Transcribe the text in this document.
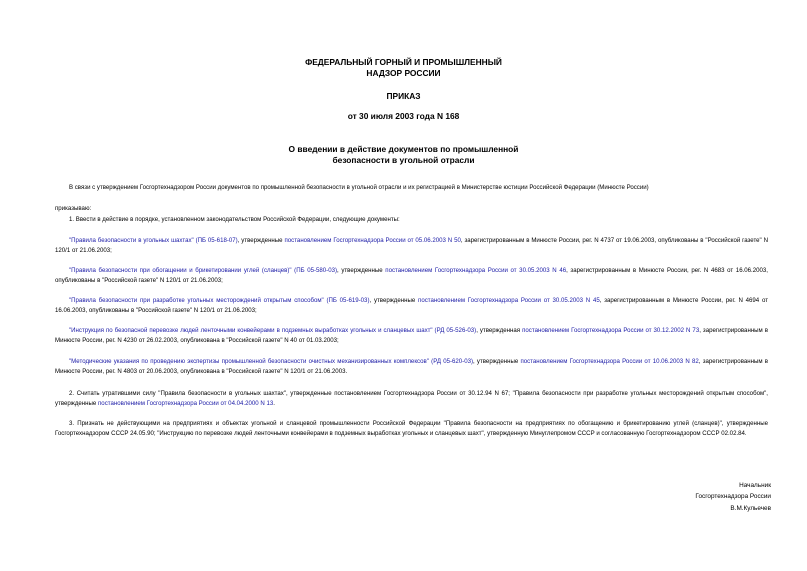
ФЕДЕРАЛЬНЫЙ ГОРНЫЙ И ПРОМЫШЛЕННЫЙ
НАДЗОР РОССИИ
ПРИКАЗ
от 30 июля 2003 года N 168
О введении в действие документов по промышленной
безопасности в угольной отрасли
В связи с утверждением Госгортехнадзором России документов по промышленной безопасности в угольной отрасли и их регистрацией в Министерстве юстиции Российской Федерации (Минюсте России)
приказываю:
1. Ввести в действие в порядке, установленном законодательством Российской Федерации, следующие документы:
"Правила безопасности в угольных шахтах" (ПБ 05-618-07), утвержденные постановлением Госгортехнадзора России от 05.06.2003 N 50, зарегистрированным в Минюсте России, рег. N 4737 от 19.06.2003, опубликованы в "Российской газете" N 120/1 от 21.06.2003;
"Правила безопасности при обогащении и брикетировании углей (сланцев)" (ПБ 05-580-03), утвержденные постановлением Госгортехнадзора России от 30.05.2003 N 46, зарегистрированным в Минюсте России, рег. N 4683 от 16.06.2003, опубликованы в "Российской газете" N 120/1 от 21.06.2003;
"Правила безопасности при разработке угольных месторождений открытым способом" (ПБ 05-619-03), утвержденные постановлением Госгортехнадзора России от 30.05.2003 N 45, зарегистрированным в Минюсте России, рег. N 4694 от 16.06.2003, опубликованы в "Российской газете" N 120/1 от 21.06.2003;
"Инструкция по безопасной перевозке людей ленточными конвейерами в подземных выработках угольных и сланцевых шахт" (РД 05-526-03), утвержденная постановлением Госгортехнадзора России от 30.12.2002 N 73, зарегистрированным в Минюсте России, рег. N 4230 от 26.02.2003, опубликована в "Российской газете" N 40 от 01.03.2003;
"Методические указания по проведению экспертизы промышленной безопасности очистных механизированных комплексов" (РД 05-620-03), утвержденные постановлением Госгортехнадзора России от 10.06.2003 N 82, зарегистрированным в Минюсте России, рег. N 4803 от 20.06.2003, опубликована в "Российской газете" N 120/1 от 21.06.2003.
2. Считать утратившими силу "Правила безопасности в угольных шахтах", утвержденные постановлением Госгортехнадзора России от 30.12.94 N 67; "Правила безопасности при разработке угольных месторождений открытым способом", утвержденные постановлением Госгортехнадзора России от 04.04.2000 N 13.
3. Признать не действующими на предприятиях и объектах угольной и сланцевой промышленности Российской Федерации "Правила безопасности на предприятиях по обогащению и брикетированию углей (сланцев)", утвержденные Госгортехнадзором СССР 24.05.90; "Инструкцию по перевозке людей ленточными конвейерами в подземных выработках угольных и сланцевых шахт", утвержденную Минуглепромом СССР и согласованную Госгортехнадзором СССР 02.02.84.
Начальник
Госгортехнадзора России
В.М.Кульечев
